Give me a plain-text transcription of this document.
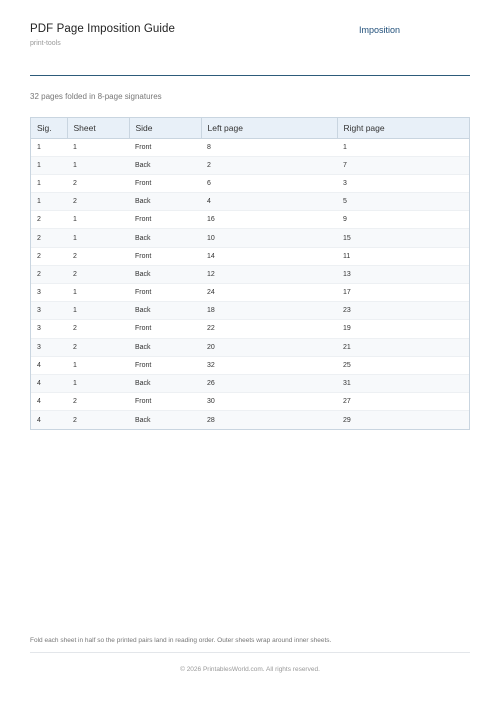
PDF Page Imposition Guide
print-tools
Imposition
32 pages folded in 8-page signatures
Sig.	Sheet	Side	Left page	Right page
1	1	Front	8	1
1	1	Back	2	7
1	2	Front	6	3
1	2	Back	4	5
2	1	Front	16	9
2	1	Back	10	15
2	2	Front	14	11
2	2	Back	12	13
3	1	Front	24	17
3	1	Back	18	23
3	2	Front	22	19
3	2	Back	20	21
4	1	Front	32	25
4	1	Back	26	31
4	2	Front	30	27
4	2	Back	28	29
Fold each sheet in half so the printed pairs land in reading order. Outer sheets wrap around inner sheets.
© 2026 PrintablesWorld.com. All rights reserved.
